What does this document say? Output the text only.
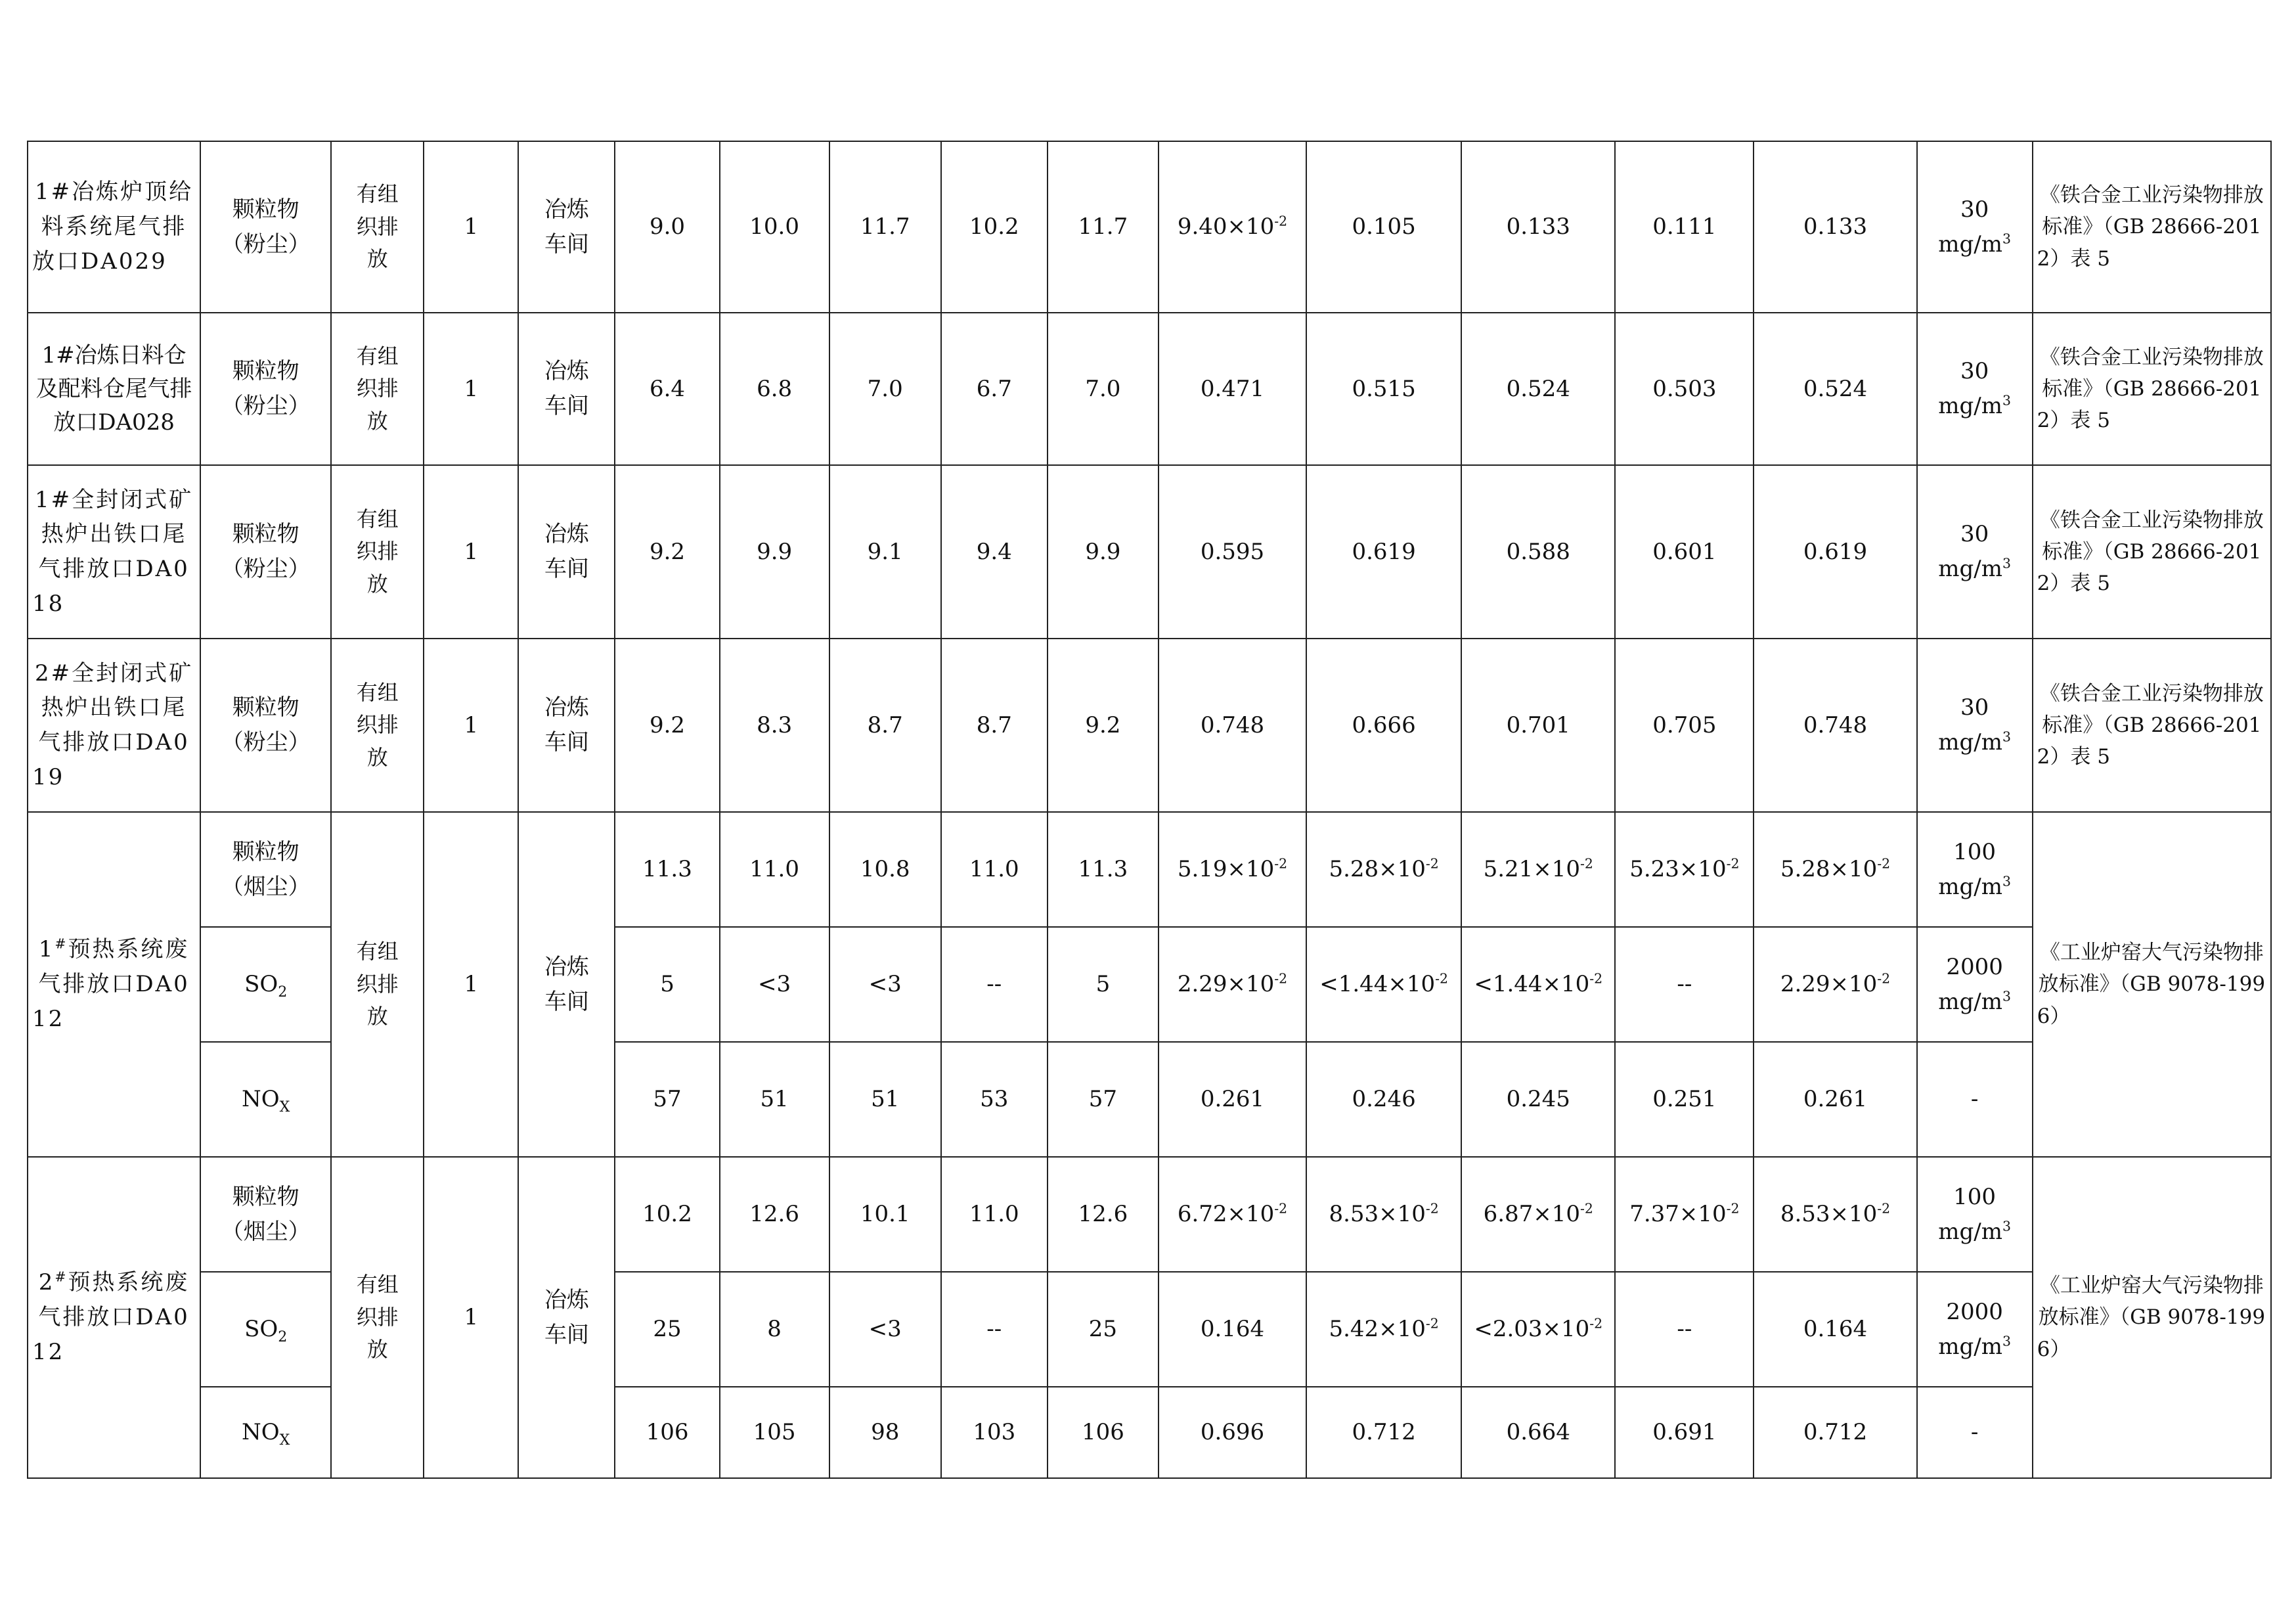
1#冶炼炉顶给料系统尾气排放口DA029	颗粒物
（粉尘）	有组
织排
放	1	冶炼
车间	9.0	10.0	11.7	10.2	11.7	$9.40\times 10^{-2}$	0.105	0.133	0.111	0.133	30
$mg/m^3$	《铁合金工业污染物排放标准》（GB 28666-2012）表 5
1#冶炼日料仓及配料仓尾气排放口DA028	颗粒物
（粉尘）	有组
织排
放	1	冶炼
车间	6.4	6.8	7.0	6.7	7.0	0.471	0.515	0.524	0.503	0.524	30
$mg/m^3$	《铁合金工业污染物排放标准》（GB 28666-2012）表 5
1#全封闭式矿热炉出铁口尾气排放口DA018	颗粒物
（粉尘）	有组
织排
放	1	冶炼
车间	9.2	9.9	9.1	9.4	9.9	0.595	0.619	0.588	0.601	0.619	30
$mg/m^3$	《铁合金工业污染物排放标准》（GB 28666-2012）表 5
2#全封闭式矿热炉出铁口尾气排放口DA019	颗粒物
（粉尘）	有组
织排
放	1	冶炼
车间	9.2	8.3	8.7	8.7	9.2	0.748	0.666	0.701	0.705	0.748	30
$mg/m^3$	《铁合金工业污染物排放标准》（GB 28666-2012）表 5
1#预热系统废气排放口DA012	颗粒物
（烟尘）	有组
织排
放	1	冶炼
车间	11.3	11.0	10.8	11.0	11.3	$5.19\times 10^{-2}$	$5.28\times 10^{-2}$	$5.21\times 10^{-2}$	$5.23\times 10^{-2}$	$5.28\times 10^{-2}$	100
$mg/m^3$	《工业炉窑大气污染物排放标准》（GB 9078-1996）
	$SO_2$				5	<3	<3	--	5	$2.29\times 10^{-2}$	$<1.44\times 10^{-2}$	$<1.44\times 10^{-2}$	--	$2.29\times 10^{-2}$	2000
$mg/m^3$
	$NO_X$				57	51	51	53	57	0.261	0.246	0.245	0.251	0.261	-	
2#预热系统废气排放口DA012	颗粒物
（烟尘）	有组
织排
放	1	冶炼
车间	10.2	12.6	10.1	11.0	12.6	$6.72\times 10^{-2}$	$8.53\times 10^{-2}$	$6.87\times 10^{-2}$	$7.37\times 10^{-2}$	$8.53\times 10^{-2}$	100
$mg/m^3$	《工业炉窑大气污染物排放标准》（GB 9078-1996）
	$SO_2$				25	8	<3	--	25	0.164	$5.42\times 10^{-2}$	$<2.03\times 10^{-2}$	--	0.164	2000
$mg/m^3$
	$NO_X$				106	105	98	103	106	0.696	0.712	0.664	0.691	0.712	-	
